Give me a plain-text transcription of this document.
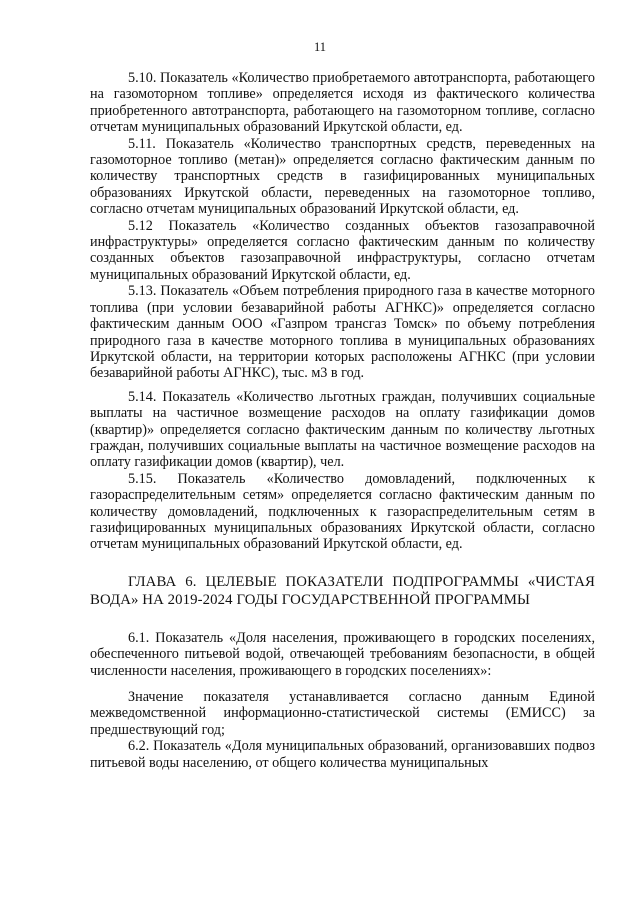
11

5.10. Показатель «Количество приобретаемого автотранспорта, работающего на газомоторном топливе» определяется исходя из фактического количества приобретенного автотранспорта, работающего на газомоторном топливе, согласно отчетам муниципальных образований Иркутской области, ед.

5.11. Показатель «Количество транспортных средств, переведенных на газомоторное топливо (метан)» определяется согласно фактическим данным по количеству транспортных средств в газифицированных муниципальных образованиях Иркутской области, переведенных на газомоторное топливо, согласно отчетам муниципальных образований Иркутской области, ед.

5.12 Показатель «Количество созданных объектов газозаправочной инфраструктуры» определяется согласно фактическим данным по количеству созданных объектов газозаправочной инфраструктуры, согласно отчетам муниципальных образований Иркутской области, ед.

5.13. Показатель «Объем потребления природного газа в качестве моторного топлива (при условии безаварийной работы АГНКС)» определяется согласно фактическим данным ООО «Газпром трансгаз Томск» по объему потребления природного газа в качестве моторного топлива в муниципальных образованиях Иркутской области, на территории которых расположены АГНКС (при условии безаварийной работы АГНКС), тыс. м3 в год.

5.14. Показатель «Количество льготных граждан, получивших социальные выплаты на частичное возмещение расходов на оплату газификации домов (квартир)» определяется согласно фактическим данным по количеству льготных граждан, получивших социальные выплаты на частичное возмещение расходов на оплату газификации домов (квартир), чел.

5.15. Показатель «Количество домовладений, подключенных к газораспределительным сетям» определяется согласно фактическим данным по количеству домовладений, подключенных к газораспределительным сетям в газифицированных муниципальных образованиях Иркутской области, согласно отчетам муниципальных образований Иркутской области, ед.

ГЛАВА 6. ЦЕЛЕВЫЕ ПОКАЗАТЕЛИ ПОДПРОГРАММЫ «ЧИСТАЯ ВОДА» НА 2019-2024 ГОДЫ ГОСУДАРСТВЕННОЙ ПРОГРАММЫ

6.1. Показатель «Доля населения, проживающего в городских поселениях, обеспеченного питьевой водой, отвечающей требованиям безопасности, в общей численности населения, проживающего в городских поселениях»:

Значение показателя устанавливается согласно данным Единой межведомственной информационно-статистической системы (ЕМИСС) за предшествующий год;

6.2. Показатель «Доля муниципальных образований, организовавших подвоз питьевой воды населению, от общего количества муниципальных
